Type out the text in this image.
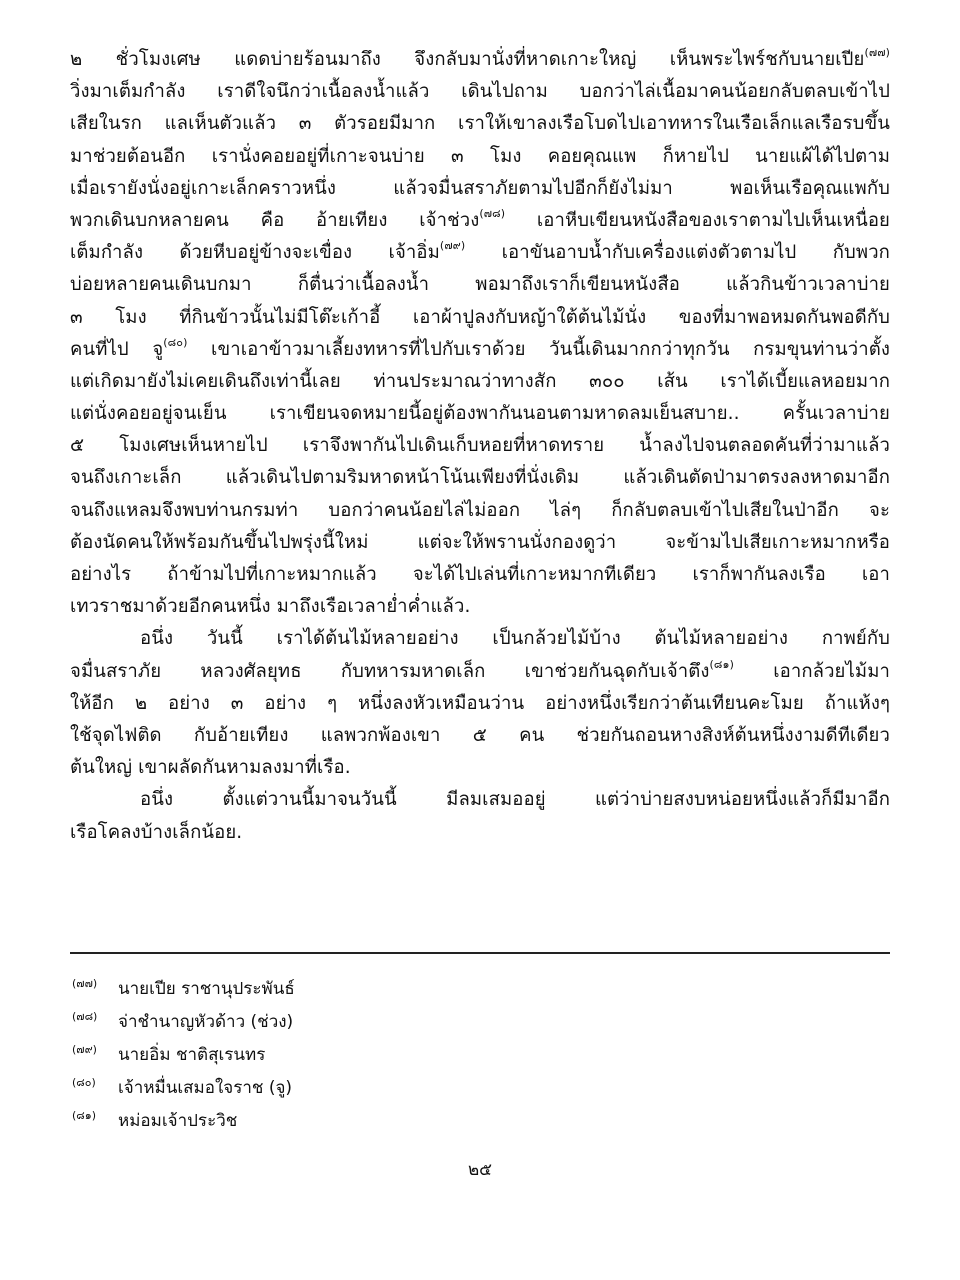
๒ ชั่วโมงเศษ แดดบ่ายร้อนมาถึง จึงกลับมานั่งที่หาดเกาะใหญ่ เห็นพระไพร์ชกับนายเปีย$^{(๗๗)}$
วิ่งมาเต็มกำลัง เราดีใจนึกว่าเนื้อลงน้ำแล้ว เดินไปถาม บอกว่าไล่เนื้อมาคนน้อยกลับตลบเข้าไป
เสียในรก แลเห็นตัวแล้ว ๓ ตัวรอยมีมาก เราให้เขาลงเรือโบดไปเอาทหารในเรือเล็กแลเรือรบขึ้น
มาช่วยต้อนอีก เรานั่งคอยอยู่ที่เกาะจนบ่าย ๓ โมง คอยคุณแพ ก็หายไป นายแผ้ได้ไปตาม
เมื่อเรายังนั่งอยู่เกาะเล็กคราวหนึ่ง แล้วจมื่นสราภัยตามไปอีกก็ยังไม่มา พอเห็นเรือคุณแพกับ
พวกเดินบกหลายคน คือ อ้ายเทียง เจ้าช่วง$^{(๗๘)}$ เอาหีบเขียนหนังสือของเราตามไปเห็นเหนื่อย
เต็มกำลัง ด้วยหีบอยู่ข้างจะเขื่อง เจ้าอิ่ม$^{(๗๙)}$ เอาขันอาบน้ำกับเครื่องแต่งตัวตามไป กับพวก
บ่อยหลายคนเดินบกมา ก็ตื่นว่าเนื้อลงน้ำ พอมาถึงเราก็เขียนหนังสือ แล้วกินข้าวเวลาบ่าย
๓ โมง ที่กินข้าวนั้นไม่มีโต๊ะเก้าอี้ เอาผ้าปูลงกับหญ้าใต้ต้นไม้นั่ง ของที่มาพอหมดกันพอดีกับ
คนที่ไป จู$^{(๘๐)}$ เขาเอาข้าวมาเลี้ยงทหารที่ไปกับเราด้วย วันนี้เดินมากกว่าทุกวัน กรมขุนท่านว่าตั้ง
แต่เกิดมายังไม่เคยเดินถึงเท่านี้เลย ท่านประมาณว่าทางสัก ๓๐๐ เส้น เราได้เบี้ยแลหอยมาก
แต่นั่งคอยอยู่จนเย็น เราเขียนจดหมายนี้อยู่ต้องพากันนอนตามหาดลมเย็นสบาย.. ครั้นเวลาบ่าย
๕ โมงเศษเห็นหายไป เราจึงพากันไปเดินเก็บหอยที่หาดทราย น้ำลงไปจนตลอดคันที่ว่ามาแล้ว
จนถึงเกาะเล็ก แล้วเดินไปตามริมหาดหน้าโน้นเพียงที่นั่งเดิม แล้วเดินตัดป่ามาตรงลงหาดมาอีก
จนถึงแหลมจึงพบท่านกรมท่า บอกว่าคนน้อยไล่ไม่ออก ไล่ๆ ก็กลับตลบเข้าไปเสียในป่าอีก จะ
ต้องนัดคนให้พร้อมกันขึ้นไปพรุ่งนี้ใหม่ แต่จะให้พรานนั่งกองดูว่า จะข้ามไปเสียเกาะหมากหรือ
อย่างไร ถ้าข้ามไปที่เกาะหมากแล้ว จะได้ไปเล่นที่เกาะหมากทีเดียว เราก็พากันลงเรือ เอา
เทวราชมาด้วยอีกคนหนึ่ง มาถึงเรือเวลาย่ำค่ำแล้ว.
อนึ่ง วันนี้ เราได้ต้นไม้หลายอย่าง เป็นกล้วยไม้บ้าง ต้นไม้หลายอย่าง กาพย์กับ
จมื่นสราภัย หลวงศัลยุทธ กับทหารมหาดเล็ก เขาช่วยกันฉุดกับเจ้าตึง$^{(๘๑)}$ เอากล้วยไม้มา
ให้อีก ๒ อย่าง ๓ อย่าง ๆ หนึ่งลงหัวเหมือนว่าน อย่างหนึ่งเรียกว่าต้นเทียนคะโมย ถ้าแห้งๆ
ใช้จุดไฟติด กับอ้ายเทียง แลพวกพ้องเขา ๕ คน ช่วยกันถอนหางสิงห์ต้นหนึ่งงามดีทีเดียว
ต้นใหญ่ เขาผลัดกันหามลงมาที่เรือ.
อนึ่ง ตั้งแต่วานนี้มาจนวันนี้ มีลมเสมออยู่ แต่ว่าบ่ายสงบหน่อยหนึ่งแล้วก็มีมาอีก
เรือโคลงบ้างเล็กน้อย.
(๗๗) นายเปีย ราชานุประพันธ์
(๗๘) จ่าชำนาญหัวด้าว (ช่วง)
(๗๙) นายอิ่ม ชาติสุเรนทร
(๘๐) เจ้าหมื่นเสมอใจราช (จู)
(๘๑) หม่อมเจ้าประวิช
๒๕
